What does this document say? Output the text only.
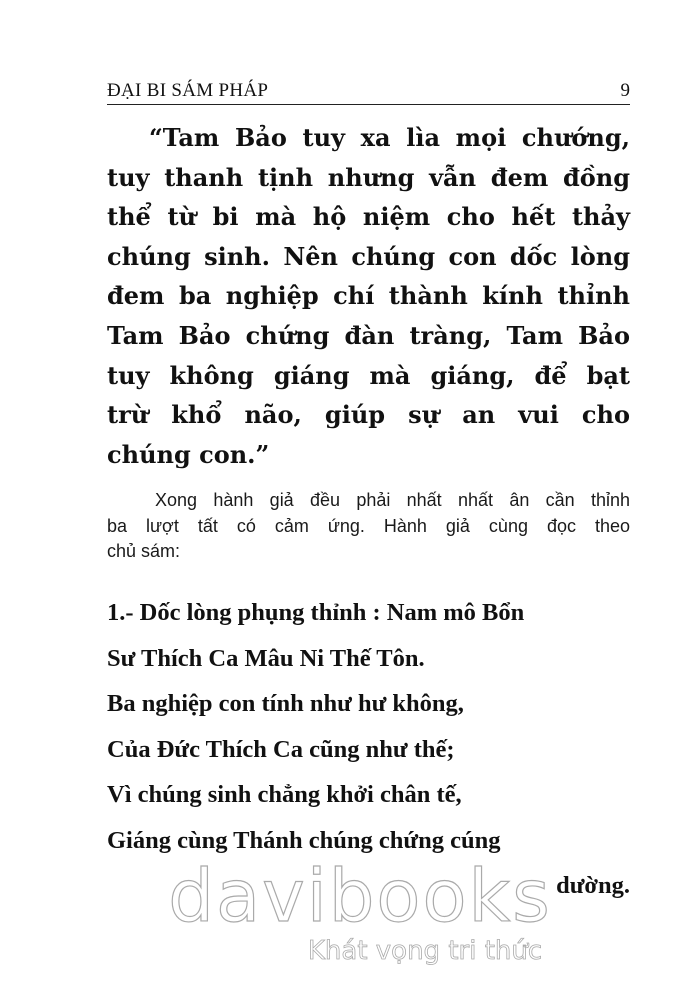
ĐẠI BI SÁM PHÁP	9
“Tam Bảo tuy xa lìa mọi chướng,
tuy thanh tịnh nhưng vẫn đem đồng
thể từ bi mà hộ niệm cho hết thảy
chúng sinh. Nên chúng con dốc lòng
đem ba nghiệp chí thành kính thỉnh
Tam Bảo chứng đàn tràng, Tam Bảo
tuy không giáng mà giáng, để bạt
trừ khổ não, giúp sự an vui cho
chúng con.”
Xong hành giả đều phải nhất nhất ân cần thỉnh
ba lượt tất có cảm ứng. Hành giả cùng đọc theo
chủ sám:
1.- Dốc lòng phụng thỉnh : Nam mô Bổn
Sư Thích Ca Mâu Ni Thế Tôn.
Ba nghiệp con tính như hư không,
Của Đức Thích Ca cũng như thế;
Vì chúng sinh chẳng khởi chân tế,
Giáng cùng Thánh chúng chứng cúng
dường.
davibooks
Khát vọng tri thức
